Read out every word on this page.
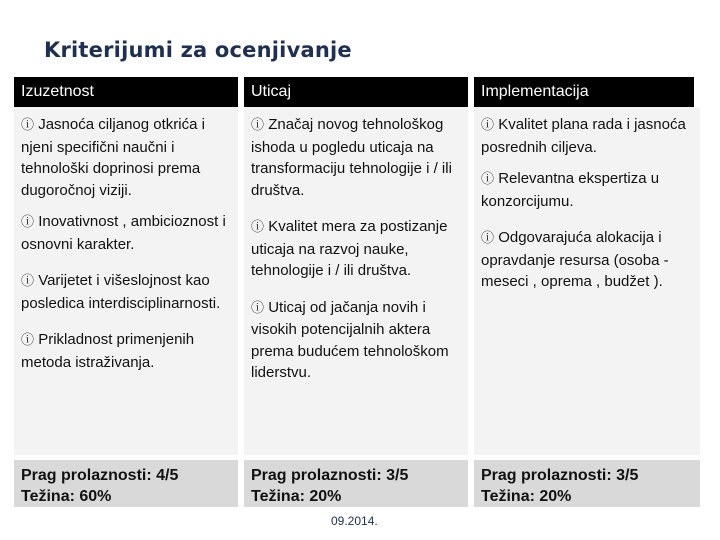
Kriterijumi za ocenjivanje
Izuzetnost	Uticaj	Implementacija

ⓘ Jasnoća ciljanog otkrića i njeni specifični naučni i tehnološki doprinosi prema dugoročnoj viziji.

ⓘ Inovativnost , ambicioznost i osnovni karakter.

ⓘ Varijetet i višeslojnost kao posledica interdisciplinarnosti.

ⓘ Prikladnost primenjenih metoda istraživanja.

ⓘ Značaj novog tehnološkog ishoda u pogledu uticaja na transformaciju tehnologije i / ili društva.

ⓘ Kvalitet mera za postizanje uticaja na razvoj nauke, tehnologije i / ili društva.

ⓘ Uticaj od jačanja novih i visokih potencijalnih aktera prema budućem tehnološkom liderstvu.

ⓘ Kvalitet plana rada i jasnoća posrednih ciljeva.

ⓘ Relevantna ekspertiza u konzorcijumu.

ⓘ Odgovarajuća alokacija i opravdanje resursa (osoba - meseci , oprema , budžet ).

Prag prolaznosti: 4/5
Težina: 60%
Prag prolaznosti: 3/5
Težina: 20%
Prag prolaznosti: 3/5
Težina: 20%
09.2014.
